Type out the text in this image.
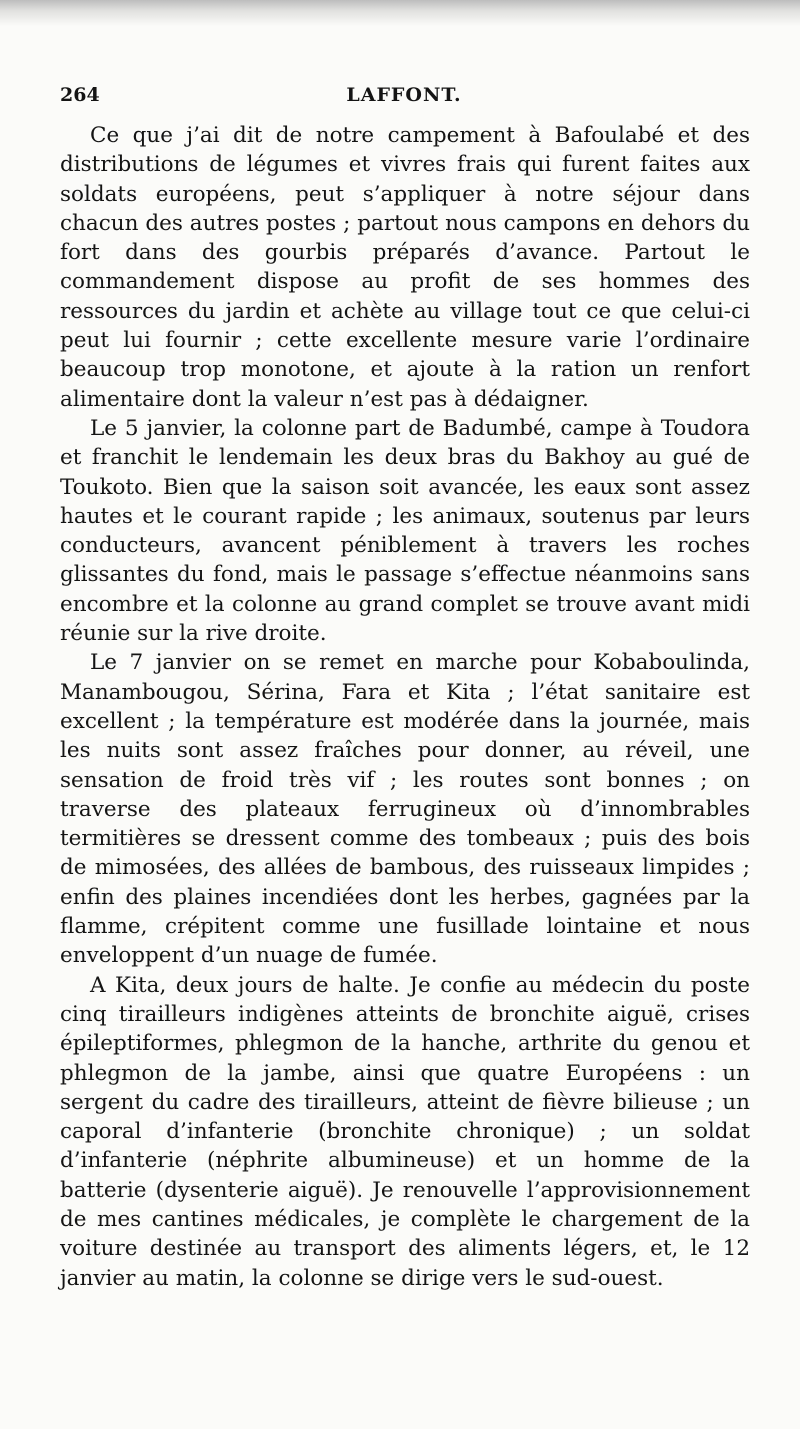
264	LAFFONT.

Ce que j’ai dit de notre campement à Bafoulabé et des distributions de légumes et vivres frais qui furent faites aux soldats européens, peut s’appliquer à notre séjour dans chacun des autres postes ; partout nous campons en dehors du fort dans des gourbis préparés d’avance. Partout le commandement dispose au profit de ses hommes des ressources du jardin et achète au village tout ce que celui-ci peut lui fournir ; cette excellente mesure varie l’ordinaire beaucoup trop monotone, et ajoute à la ration un renfort alimentaire dont la valeur n’est pas à dédaigner.

Le 5 janvier, la colonne part de Badumbé, campe à Toudora et franchit le lendemain les deux bras du Bakhoy au gué de Toukoto. Bien que la saison soit avancée, les eaux sont assez hautes et le courant rapide ; les animaux, soutenus par leurs conducteurs, avancent péniblement à travers les roches glissantes du fond, mais le passage s’effectue néanmoins sans encombre et la colonne au grand complet se trouve avant midi réunie sur la rive droite.

Le 7 janvier on se remet en marche pour Kobaboulinda, Manambougou, Sérina, Fara et Kita ; l’état sanitaire est excellent ; la température est modérée dans la journée, mais les nuits sont assez fraîches pour donner, au réveil, une sensation de froid très vif ; les routes sont bonnes ; on traverse des plateaux ferrugineux où d’innombrables termitières se dressent comme des tombeaux ; puis des bois de mimosées, des allées de bambous, des ruisseaux limpides ; enfin des plaines incendiées dont les herbes, gagnées par la flamme, crépitent comme une fusillade lointaine et nous enveloppent d’un nuage de fumée.

A Kita, deux jours de halte. Je confie au médecin du poste cinq tirailleurs indigènes atteints de bronchite aiguë, crises épileptiformes, phlegmon de la hanche, arthrite du genou et phlegmon de la jambe, ainsi que quatre Européens : un sergent du cadre des tirailleurs, atteint de fièvre bilieuse ; un caporal d’infanterie (bronchite chronique) ; un soldat d’infanterie (néphrite albumineuse) et un homme de la batterie (dysenterie aiguë). Je renouvelle l’approvisionnement de mes cantines médicales, je complète le chargement de la voiture destinée au transport des aliments légers, et, le 12 janvier au matin, la colonne se dirige vers le sud-ouest.
